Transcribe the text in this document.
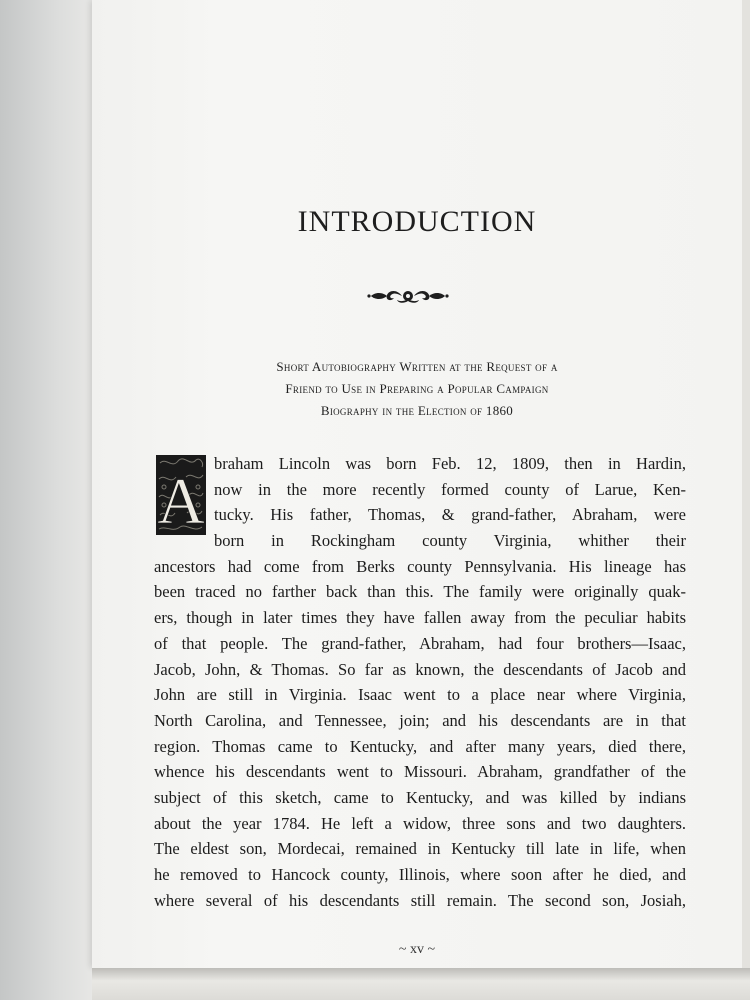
INTRODUCTION
Short Autobiography Written at the Request of a
Friend to Use in Preparing a Popular Campaign
Biography in the Election of 1860
A
braham Lincoln was born Feb. 12, 1809, then in Hardin,
now in the more recently formed county of Larue, Ken-
tucky. His father, Thomas, & grand-father, Abraham, were
born in Rockingham county Virginia, whither their
ancestors had come from Berks county Pennsylvania. His lineage has
been traced no farther back than this. The family were originally quak-
ers, though in later times they have fallen away from the peculiar habits
of that people. The grand-father, Abraham, had four brothers—Isaac,
Jacob, John, & Thomas. So far as known, the descendants of Jacob and
John are still in Virginia. Isaac went to a place near where Virginia,
North Carolina, and Tennessee, join; and his descendants are in that
region. Thomas came to Kentucky, and after many years, died there,
whence his descendants went to Missouri. Abraham, grandfather of the
subject of this sketch, came to Kentucky, and was killed by indians
about the year 1784. He left a widow, three sons and two daughters.
The eldest son, Mordecai, remained in Kentucky till late in life, when
he removed to Hancock county, Illinois, where soon after he died, and
where several of his descendants still remain. The second son, Josiah,
~ xv ~
